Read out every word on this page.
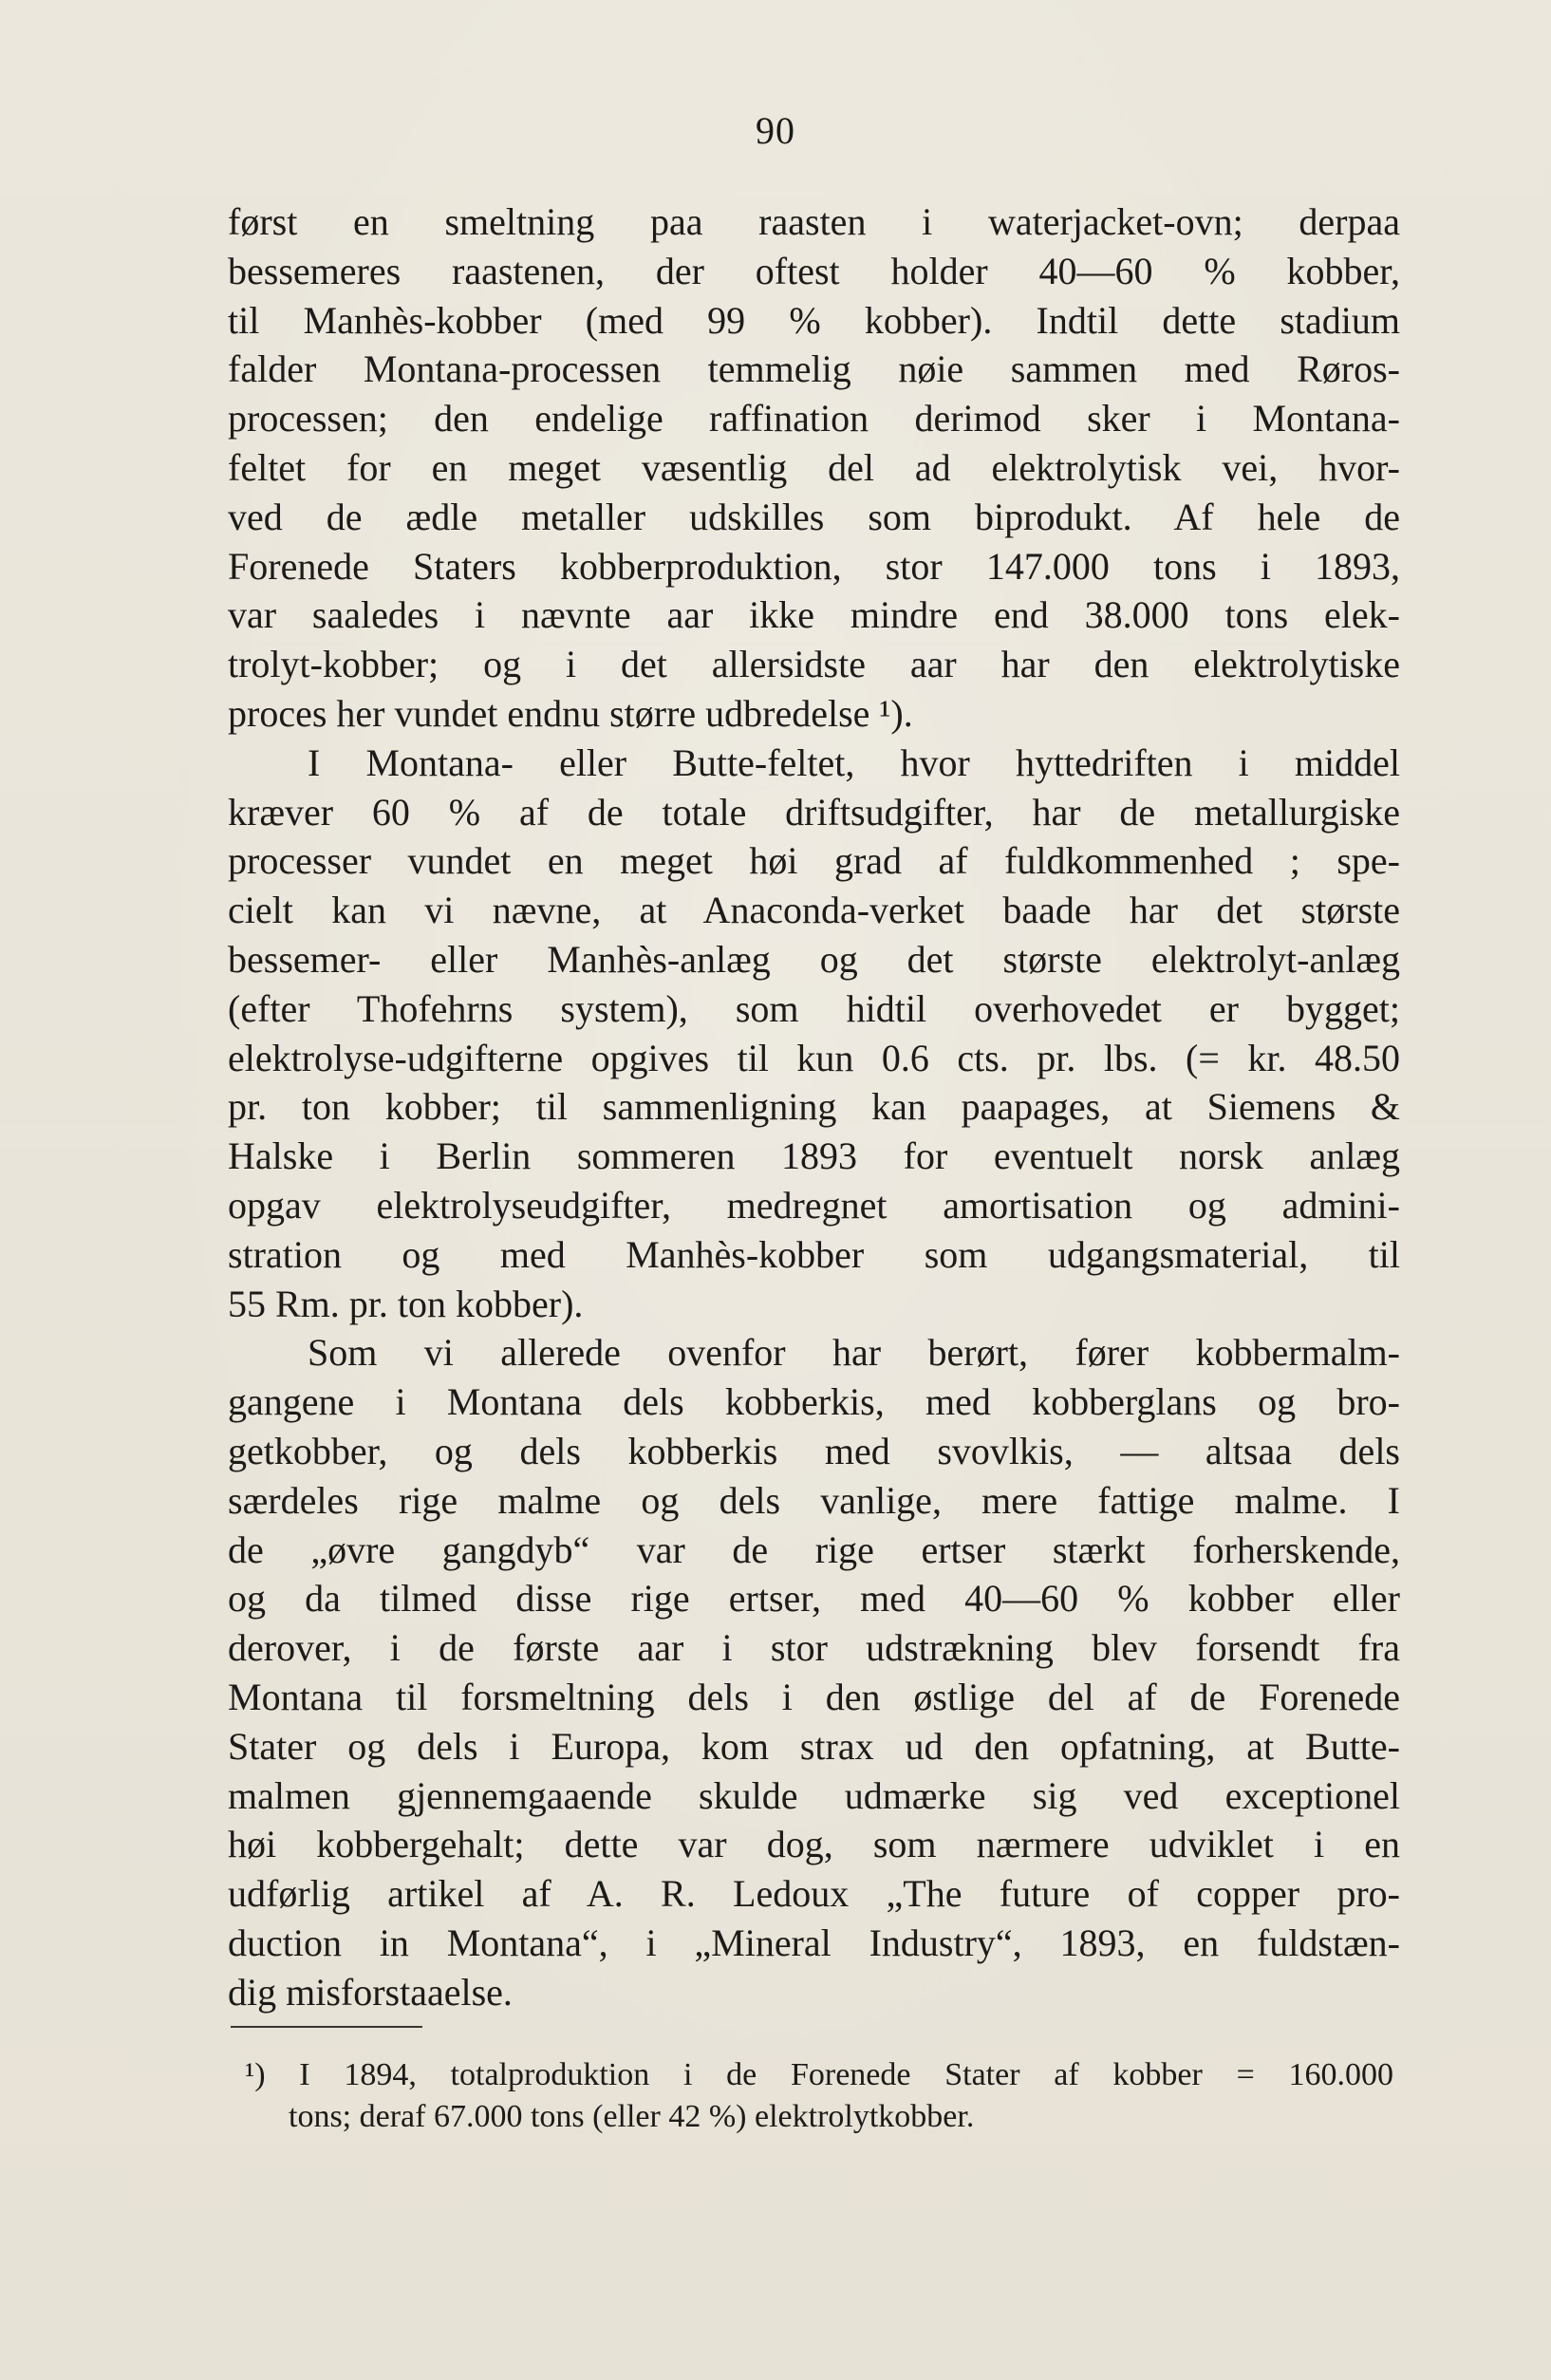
90
først en smeltning paa raasten i waterjacket-ovn; derpaa
bessemeres raastenen, der oftest holder 40—60 % kobber,
til Manhès-kobber (med 99 % kobber). Indtil dette stadium
falder Montana-processen temmelig nøie sammen med Røros-
processen; den endelige raffination derimod sker i Montana-
feltet for en meget væsentlig del ad elektrolytisk vei, hvor-
ved de ædle metaller udskilles som biprodukt. Af hele de
Forenede Staters kobberproduktion, stor 147.000 tons i 1893,
var saaledes i nævnte aar ikke mindre end 38.000 tons elek-
trolyt-kobber; og i det allersidste aar har den elektrolytiske
proces her vundet endnu større udbredelse ¹).
I Montana- eller Butte-feltet, hvor hyttedriften i middel
kræver 60 % af de totale driftsudgifter, har de metallurgiske
processer vundet en meget høi grad af fuldkommenhed ; spe-
cielt kan vi nævne, at Anaconda-verket baade har det største
bessemer- eller Manhès-anlæg og det største elektrolyt-anlæg
(efter Thofehrns system), som hidtil overhovedet er bygget;
elektrolyse-udgifterne opgives til kun 0.6 cts. pr. lbs. (= kr. 48.50
pr. ton kobber; til sammenligning kan paapages, at Siemens &
Halske i Berlin sommeren 1893 for eventuelt norsk anlæg
opgav elektrolyseudgifter, medregnet amortisation og admini-
stration og med Manhès-kobber som udgangsmaterial, til
55 Rm. pr. ton kobber).
Som vi allerede ovenfor har berørt, fører kobbermalm-
gangene i Montana dels kobberkis, med kobberglans og bro-
getkobber, og dels kobberkis med svovlkis, — altsaa dels
særdeles rige malme og dels vanlige, mere fattige malme. I
de „øvre gangdyb“ var de rige ertser stærkt forherskende,
og da tilmed disse rige ertser, med 40—60 % kobber eller
derover, i de første aar i stor udstrækning blev forsendt fra
Montana til forsmeltning dels i den østlige del af de Forenede
Stater og dels i Europa, kom strax ud den opfatning, at Butte-
malmen gjennemgaaende skulde udmærke sig ved exceptionel
høi kobbergehalt; dette var dog, som nærmere udviklet i en
udførlig artikel af A. R. Ledoux „The future of copper pro-
duction in Montana“, i „Mineral Industry“, 1893, en fuldstæn-
dig misforstaaelse.
¹) I 1894, totalproduktion i de Forenede Stater af kobber = 160.000
tons; deraf 67.000 tons (eller 42 %) elektrolytkobber.
